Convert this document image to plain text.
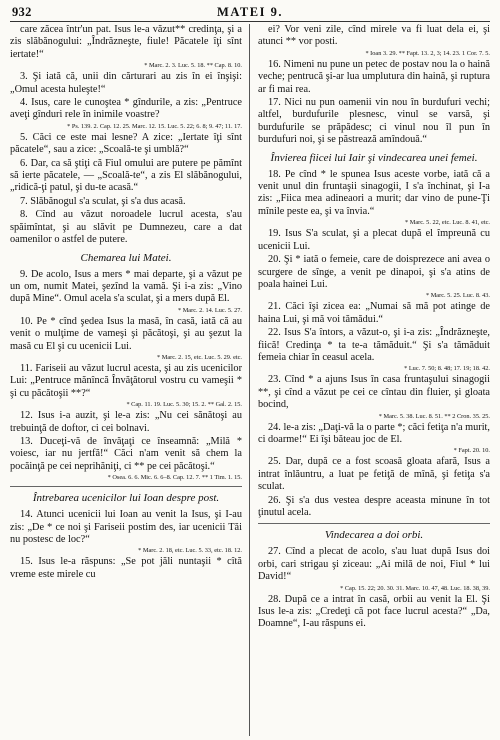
932	MATEI 9.

care zăcea într'un pat. Isus le-a văzut** credinţa, şi a zis slăbănogului: „Îndrăzneşte, fiule! Păcatele îţi sînt iertate!“

* Marc. 2. 3. Luc. 5. 18. ** Cap. 8. 10.

3. Şi iată că, unii din cărturari au zis în ei înşişi: „Omul acesta huleşte!“

4. Isus, care le cunoştea * gîndurile, a zis: „Pentruce aveţi gînduri rele în inimile voastre?

* Ps. 139. 2. Cap. 12. 25. Marc. 12. 15. Luc. 5. 22; 6. 8; 9. 47; 11. 17.

5. Căci ce este mai lesne? A zice: „Iertate îţi sînt păcatele“, sau a zice: „Scoală-te şi umblă?“

6. Dar, ca să ştiţi că Fiul omului are putere pe pămînt să ierte păcatele, — „Scoală-te“, a zis El slăbănogului, „ridică-ţi patul, şi du-te acasă.“

7. Slăbănogul s'a sculat, şi s'a dus acasă.

8. Cînd au văzut noroadele lucrul acesta, s'au spăimîntat, şi au slăvit pe Dumnezeu, care a dat oamenilor o astfel de putere.

Chemarea lui Matei.

9. De acolo, Isus a mers * mai departe, şi a văzut pe un om, numit Matei, şezînd la vamă. Şi i-a zis: „Vino după Mine“. Omul acela s'a sculat, şi a mers după El.

* Marc. 2. 14. Luc. 5. 27.

10. Pe * cînd şedea Isus la masă, în casă, iată că au venit o mulţime de vameşi şi păcătoşi, şi au şezut la masă cu El şi cu ucenicii Lui.

* Marc. 2. 15, etc. Luc. 5. 29. etc.

11. Fariseii au văzut lucrul acesta, şi au zis ucenicilor Lui: „Pentruce mănîncă Învăţătorul vostru cu vameşii * şi cu păcătoşii **?“

* Cap. 11. 19. Luc. 5. 30; 15. 2. ** Gal. 2. 15.

12. Isus i-a auzit, şi le-a zis: „Nu cei sănătoşi au trebuinţă de doftor, ci cei bolnavi.

13. Duceţi-vă de învăţaţi ce înseamnă: „Milă * voiesc, iar nu jertfă!“ Căci n'am venit să chem la pocăinţă pe cei neprihăniţi, ci ** pe cei păcătoşi.“

* Osea. 6. 6. Mic. 6. 6–8. Cap. 12. 7. ** 1 Tim. 1. 15.
Întrebarea ucenicilor lui Ioan despre post.

14. Atunci ucenicii lui Ioan au venit la Isus, şi I-au zis: „De * ce noi şi Fariseii postim des, iar ucenicii Tăi nu postesc de loc?“

* Marc. 2. 18, etc. Luc. 5. 33, etc. 18. 12.

15. Isus le-a răspuns: „Se pot jăli nuntaşii * cîtă vreme este mirele cu

ei? Vor veni zile, cînd mirele va fi luat dela ei, şi atunci ** vor posti.

* Ioan 3. 29. ** Fapt. 13. 2, 3; 14. 23. 1 Cor. 7. 5.

16. Nimeni nu pune un petec de postav nou la o haină veche; pentrucă şi-ar lua umplutura din haină, şi ruptura ar fi mai rea.

17. Nici nu pun oamenii vin nou în burdufuri vechi; altfel, burdufurile plesnesc, vinul se varsă, şi burdufurile se prăpădesc; ci vinul nou îl pun în burdufuri noi, şi se păstrează amîndouă.“

Învierea fiicei lui Iair şi vindecarea unei femei.

18. Pe cînd * le spunea Isus aceste vorbe, iată că a venit unul din fruntaşii sinagogii, I s'a închinat, şi I-a zis: „Fiica mea adineaori a murit; dar vino de pune-Ţi mînile peste ea, şi va învia.“

* Marc. 5. 22, etc. Luc. 8. 41, etc.

19. Isus S'a sculat, şi a plecat după el împreună cu ucenicii Lui.

20. Şi * iată o femeie, care de doisprezece ani avea o scurgere de sînge, a venit pe dinapoi, şi s'a atins de poala hainei Lui.

* Marc. 5. 25. Luc. 8. 43.

21. Căci îşi zicea ea: „Numai să mă pot atinge de haina Lui, şi mă voi tămădui.“

22. Isus S'a întors, a văzut-o, şi i-a zis: „Îndrăzneşte, fiică! Credinţa * ta te-a tămăduit.“ Şi s'a tămăduit femeia chiar în ceasul acela.

* Luc. 7. 50; 8. 48; 17. 19; 18. 42.

23. Cînd * a ajuns Isus în casa fruntaşului sinagogii **, şi cînd a văzut pe cei ce cîntau din fluier, şi gloata bocind,

* Marc. 5. 38. Luc. 8. 51. ** 2 Cron. 35. 25.

24. le-a zis: „Daţi-vă la o parte *; căci fetiţa n'a murit, ci doarme!“ Ei îşi băteau joc de El.

* Fapt. 20. 10.

25. Dar, după ce a fost scoasă gloata afară, Isus a intrat înlăuntru, a luat pe fetiţă de mînă, şi fetiţa s'a sculat.

26. Şi s'a dus vestea despre aceasta minune în tot ţinutul acela.

Vindecarea a doi orbi.

27. Cînd a plecat de acolo, s'au luat după Isus doi orbi, cari strigau şi ziceau: „Ai milă de noi, Fiul * lui David!“

* Cap. 15. 22; 20. 30. 31. Marc. 10. 47, 48. Luc. 18. 38, 39.

28. După ce a intrat în casă, orbii au venit la El. Şi Isus le-a zis: „Credeţi că pot face lucrul acesta?“ „Da, Doamne“, I-au răspuns ei.
